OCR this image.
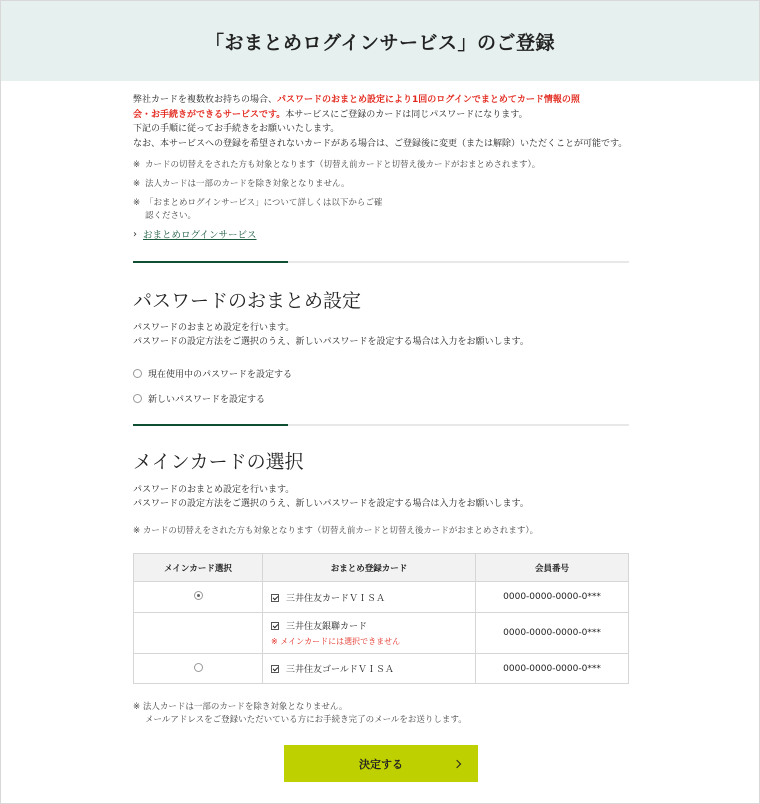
「おまとめログインサービス」のご登録
弊社カードを複数枚お持ちの場合、パスワードのおまとめ設定により1回のログインでまとめてカード情報の照
会・お手続きができるサービスです。本サービスにご登録のカードは同じパスワードになります。
下記の手順に従ってお手続きをお願いいたします。
なお、本サービスへの登録を希望されないカードがある場合は、ご登録後に変更（または解除）いただくことが可能です。
※ カードの切替えをされた方も対象となります（切替え前カードと切替え後カードがおまとめされます）。
※ 法人カードは一部のカードを除き対象となりません。
※ 「おまとめログインサービス」について詳しくは以下からご確認ください。
› おまとめログインサービス
パスワードのおまとめ設定
パスワードのおまとめ設定を行います。
パスワードの設定方法をご選択のうえ、新しいパスワードを設定する場合は入力をお願いします。
現在使用中のパスワードを設定する
新しいパスワードを設定する
メインカードの選択
パスワードのおまとめ設定を行います。
パスワードの設定方法をご選択のうえ、新しいパスワードを設定する場合は入力をお願いします。
※ カードの切替えをされた方も対象となります（切替え前カードと切替え後カードがおまとめされます）。
メインカード選択	おまとめ登録カード	会員番号
	三井住友カードＶＩＳＡ	0000-0000-0000-0***

	三井住友銀聯カード
※ メインカードには選択できません	0000-0000-0000-0***
	三井住友ゴールドＶＩＳＡ	0000-0000-0000-0***
※ 法人カードは一部のカードを除き対象となりません。
メールアドレスをご登録いただいている方にお手続き完了のメールをお送りします。
決定する
